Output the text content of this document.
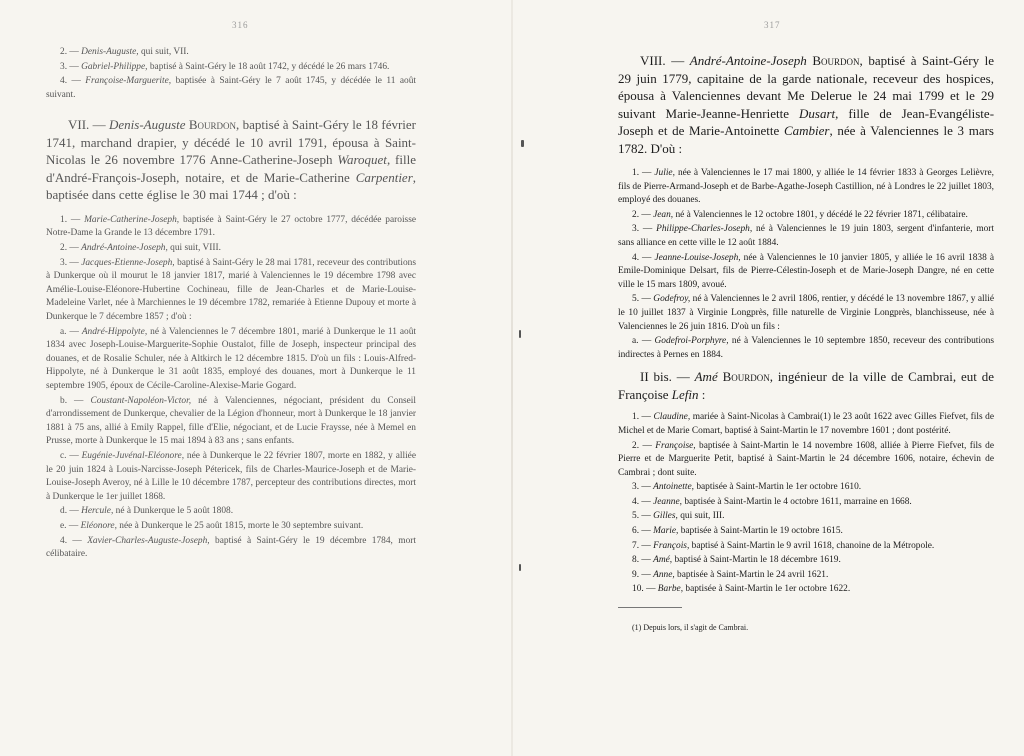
316

2. — Denis-Auguste, qui suit, VII.

3. — Gabriel-Philippe, baptisé à Saint-Géry le 18 août 1742, y décédé le 26 mars 1746.

4. — Françoise-Marguerite, baptisée à Saint-Géry le 7 août 1745, y décédée le 11 août suivant.

VII. — Denis-Auguste Bourdon, baptisé à Saint-Géry le 18 février 1741, marchand drapier, y décédé le 10 avril 1791, épousa à Saint-Nicolas le 26 novembre 1776 Anne-Catherine-Joseph Waroquet, fille d'André-François-Joseph, notaire, et de Marie-Catherine Carpentier, baptisée dans cette église le 30 mai 1744 ; d'où :

1. — Marie-Catherine-Joseph, baptisée à Saint-Géry le 27 octobre 1777, décédée paroisse Notre-Dame la Grande le 13 décembre 1791.

2. — André-Antoine-Joseph, qui suit, VIII.

3. — Jacques-Etienne-Joseph, baptisé à Saint-Géry le 28 mai 1781, receveur des contributions à Dunkerque où il mourut le 18 janvier 1817, marié à Valenciennes le 19 décembre 1798 avec Amélie-Louise-Eléonore-Hubertine Cochineau, fille de Jean-Charles et de Marie-Louise-Madeleine Varlet, née à Marchiennes le 19 décembre 1782, remariée à Etienne Dupouy et morte à Dunkerque le 7 décembre 1857 ; d'où :

a. — André-Hippolyte, né à Valenciennes le 7 décembre 1801, marié à Dunkerque le 11 août 1834 avec Joseph-Louise-Marguerite-Sophie Oustalot, fille de Joseph, inspecteur principal des douanes, et de Rosalie Schuler, née à Altkirch le 12 décembre 1815. D'où un fils : Louis-Alfred-Hippolyte, né à Dunkerque le 31 août 1835, employé des douanes, mort à Dunkerque le 11 septembre 1905, époux de Cécile-Caroline-Alexise-Marie Gogard.

b. — Coustant-Napoléon-Victor, né à Valenciennes, négociant, président du Conseil d'arrondissement de Dunkerque, chevalier de la Légion d'honneur, mort à Dunkerque le 18 janvier 1881 à 75 ans, allié à Emily Rappel, fille d'Elie, négociant, et de Lucie Fraysse, née à Memel en Prusse, morte à Dunkerque le 15 mai 1894 à 83 ans ; sans enfants.

c. — Eugénie-Juvénal-Eléonore, née à Dunkerque le 22 février 1807, morte en 1882, y alliée le 20 juin 1824 à Louis-Narcisse-Joseph Pétericek, fils de Charles-Maurice-Joseph et de Marie-Louise-Joseph Averoy, né à Lille le 10 décembre 1787, percepteur des contributions directes, mort à Dunkerque le 1er juillet 1868.

d. — Hercule, né à Dunkerque le 5 août 1808.

e. — Eléonore, née à Dunkerque le 25 août 1815, morte le 30 septembre suivant.

4. — Xavier-Charles-Auguste-Joseph, baptisé à Saint-Géry le 19 décembre 1784, mort célibataire.

317

VIII. — André-Antoine-Joseph Bourdon, baptisé à Saint-Géry le 29 juin 1779, capitaine de la garde nationale, receveur des hospices, épousa à Valenciennes devant Me Delerue le 24 mai 1799 et le 29 suivant Marie-Jeanne-Henriette Dusart, fille de Jean-Evangéliste-Joseph et de Marie-Antoinette Cambier, née à Valenciennes le 3 mars 1782. D'où :

1. — Julie, née à Valenciennes le 17 mai 1800, y alliée le 14 février 1833 à Georges Lelièvre, fils de Pierre-Armand-Joseph et de Barbe-Agathe-Joseph Castillion, né à Londres le 22 juillet 1803, employé des douanes.

2. — Jean, né à Valenciennes le 12 octobre 1801, y décédé le 22 février 1871, célibataire.

3. — Philippe-Charles-Joseph, né à Valenciennes le 19 juin 1803, sergent d'infanterie, mort sans alliance en cette ville le 12 août 1884.

4. — Jeanne-Louise-Joseph, née à Valenciennes le 10 janvier 1805, y alliée le 16 avril 1838 à Emile-Dominique Delsart, fils de Pierre-Célestin-Joseph et de Marie-Joseph Dangre, né en cette ville le 15 mars 1809, avoué.

5. — Godefroy, né à Valenciennes le 2 avril 1806, rentier, y décédé le 13 novembre 1867, y allié le 10 juillet 1837 à Virginie Longprès, fille naturelle de Virginie Longprès, blanchisseuse, née à Valenciennes le 26 juin 1816. D'où un fils :

a. — Godefroi-Porphyre, né à Valenciennes le 10 septembre 1850, receveur des contributions indirectes à Pernes en 1884.

II bis. — Amé Bourdon, ingénieur de la ville de Cambrai, eut de Françoise Lefin :

1. — Claudine, mariée à Saint-Nicolas à Cambrai(1) le 23 août 1622 avec Gilles Fiefvet, fils de Michel et de Marie Comart, baptisé à Saint-Martin le 17 novembre 1601 ; dont postérité.

2. — Françoise, baptisée à Saint-Martin le 14 novembre 1608, alliée à Pierre Fiefvet, fils de Pierre et de Marguerite Petit, baptisé à Saint-Martin le 24 décembre 1606, notaire, échevin de Cambrai ; dont suite.

3. — Antoinette, baptisée à Saint-Martin le 1er octobre 1610.

4. — Jeanne, baptisée à Saint-Martin le 4 octobre 1611, marraine en 1668.

5. — Gilles, qui suit, III.

6. — Marie, baptisée à Saint-Martin le 19 octobre 1615.

7. — François, baptisé à Saint-Martin le 9 avril 1618, chanoine de la Métropole.

8. — Amé, baptisé à Saint-Martin le 18 décembre 1619.

9. — Anne, baptisée à Saint-Martin le 24 avril 1621.

10. — Barbe, baptisée à Saint-Martin le 1er octobre 1622.

(1) Depuis lors, il s'agit de Cambrai.
